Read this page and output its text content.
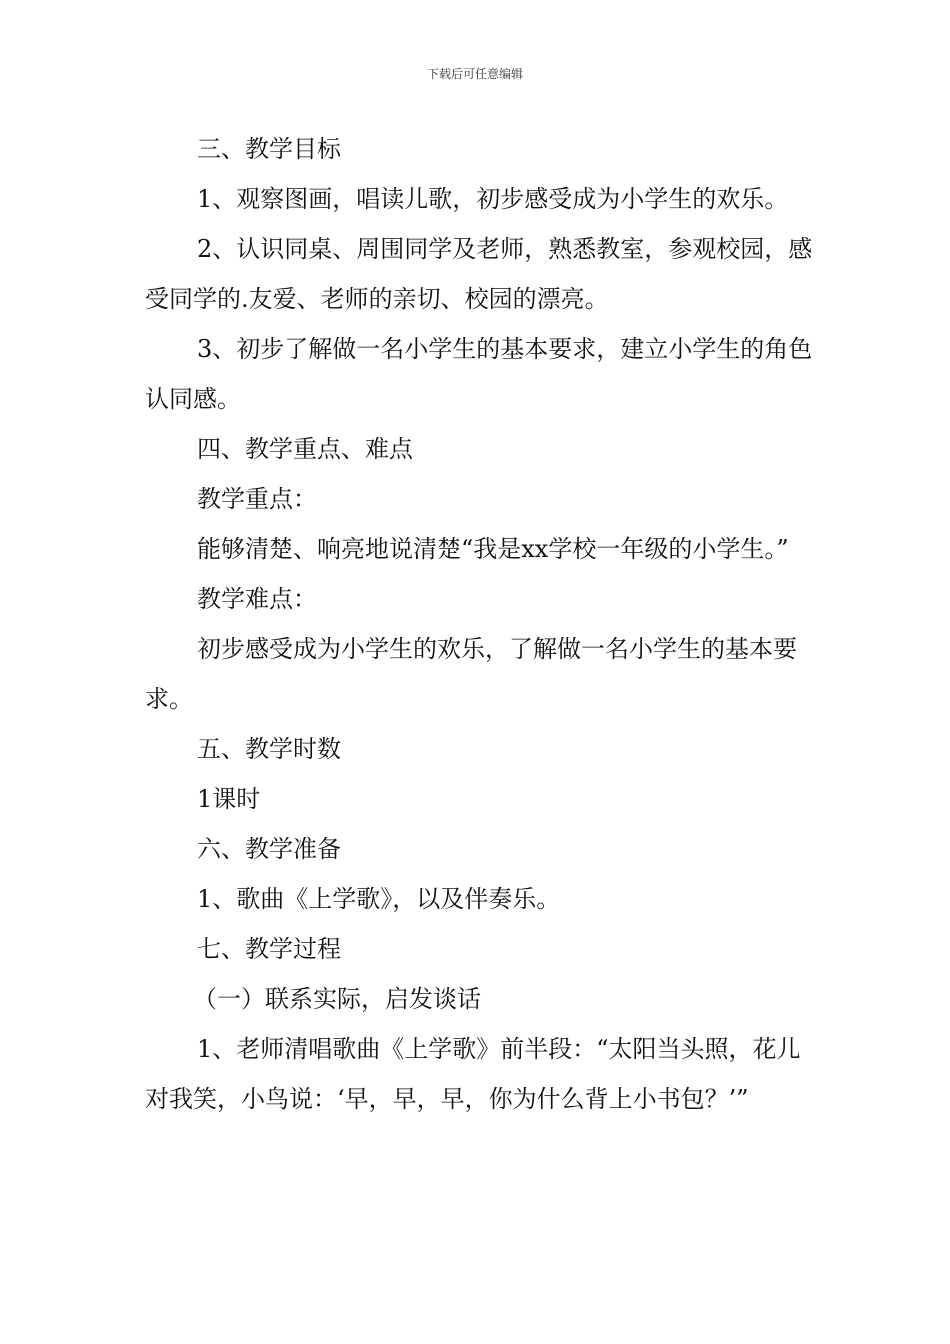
下载后可任意编辑

三、教学目标

1、观察图画，唱读儿歌，初步感受成为小学生的欢乐。

2、认识同桌、周围同学及老师，熟悉教室，参观校园，感受同学的.友爱、老师的亲切、校园的漂亮。

3、初步了解做一名小学生的基本要求，建立小学生的角色认同感。

四、教学重点、难点

教学重点：

能够清楚、响亮地说清楚“我是xx学校一年级的小学生。”

教学难点：

初步感受成为小学生的欢乐，了解做一名小学生的基本要求。

五、教学时数

1课时

六、教学准备

1、歌曲《上学歌》，以及伴奏乐。

七、教学过程

（一）联系实际，启发谈话

1、老师清唱歌曲《上学歌》前半段：“太阳当头照，花儿对我笑，小鸟说：‘早，早，早，你为什么背上小书包？’”
